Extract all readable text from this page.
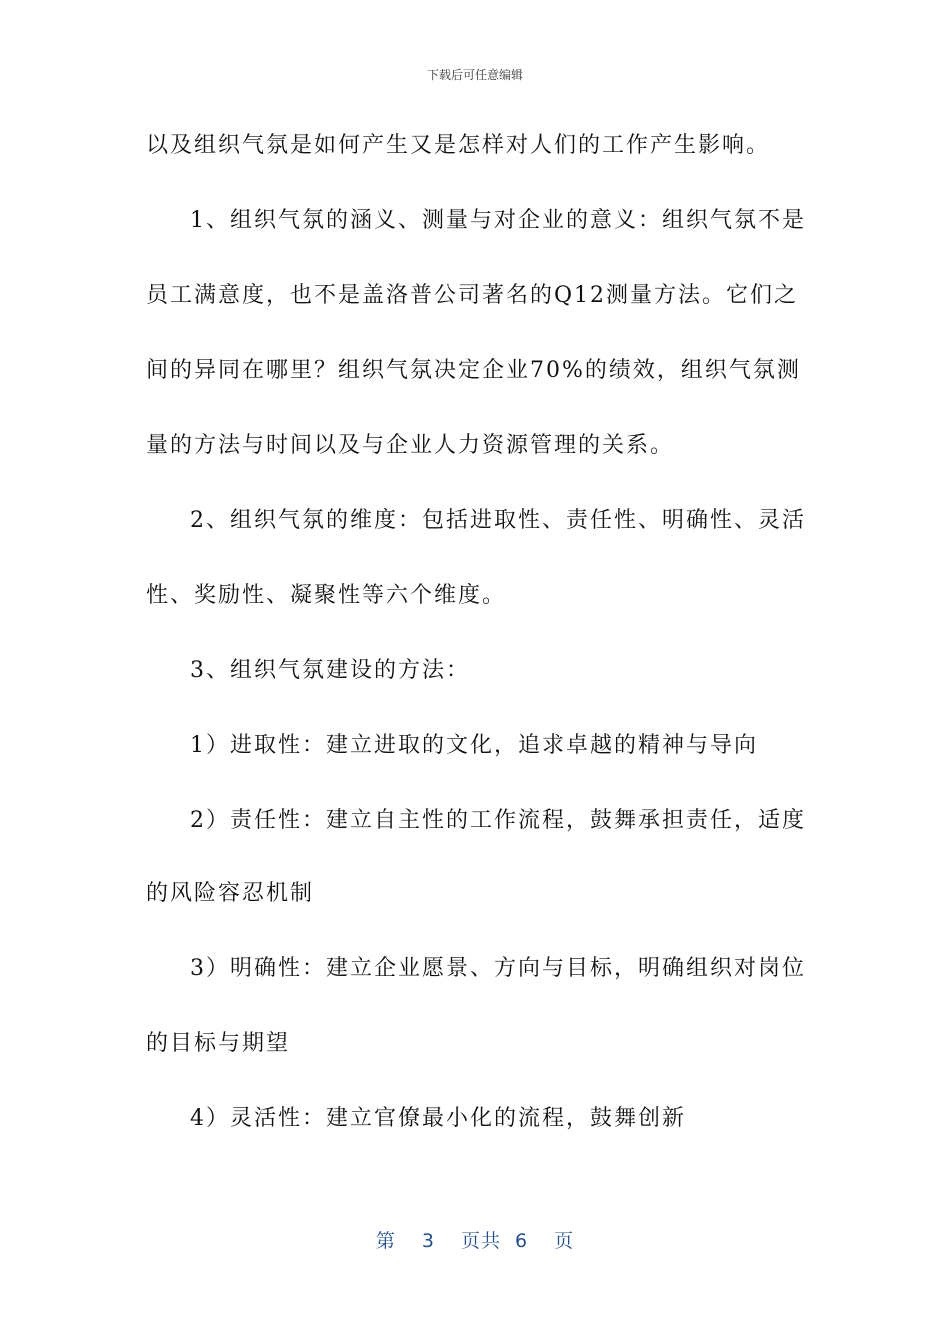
下载后可任意编辑
以及组织气氛是如何产生又是怎样对人们的工作产生影响。
1、组织气氛的涵义、测量与对企业的意义：组织气氛不是
员工满意度，也不是盖洛普公司著名的Q12测量方法。它们之
间的异同在哪里？组织气氛决定企业70%的绩效，组织气氛测
量的方法与时间以及与企业人力资源管理的关系。
2、组织气氛的维度：包括进取性、责任性、明确性、灵活
性、奖励性、凝聚性等六个维度。
3、组织气氛建设的方法：
1）进取性：建立进取的文化，追求卓越的精神与导向
2）责任性：建立自主性的工作流程，鼓舞承担责任，适度
的风险容忍机制
3）明确性：建立企业愿景、方向与目标，明确组织对岗位
的目标与期望
4）灵活性：建立官僚最小化的流程，鼓舞创新
第 3 页共 6 页
